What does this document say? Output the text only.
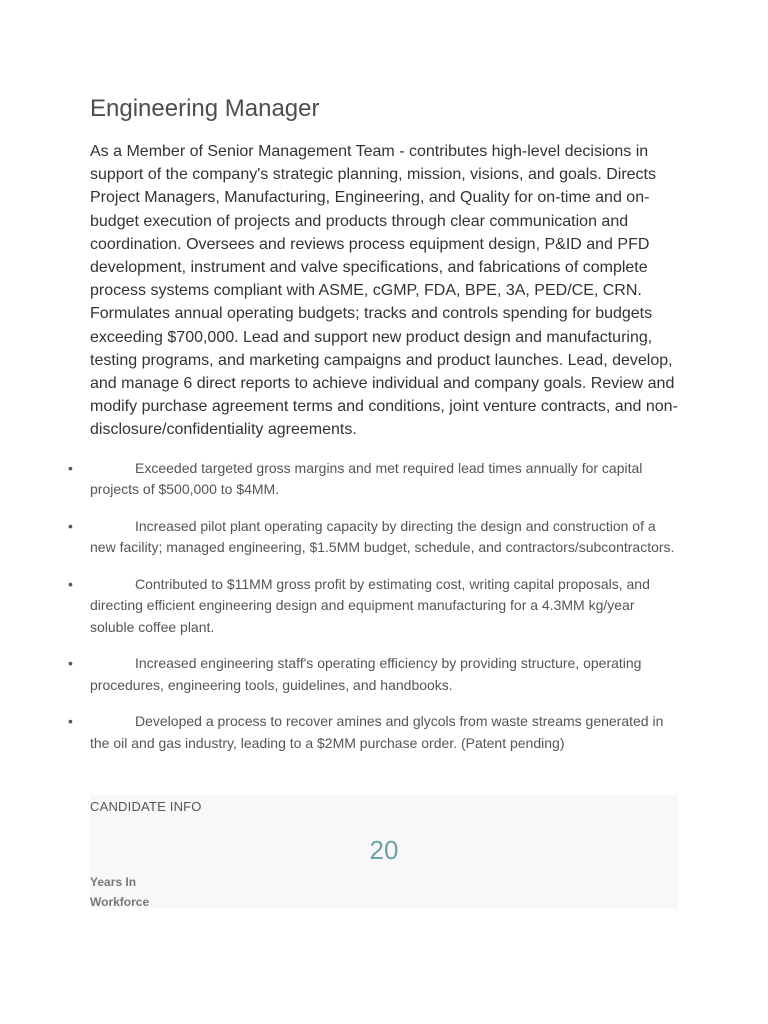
Engineering Manager

As a Member of Senior Management Team - contributes high-level decisions in support of the company's strategic planning, mission, visions, and goals. Directs Project Managers, Manufacturing, Engineering, and Quality for on-time and on-budget execution of projects and products through clear communication and coordination. Oversees and reviews process equipment design, P&ID and PFD development, instrument and valve specifications, and fabrications of complete process systems compliant with ASME, cGMP, FDA, BPE, 3A, PED/CE, CRN. Formulates annual operating budgets; tracks and controls spending for budgets exceeding $700,000. Lead and support new product design and manufacturing, testing programs, and marketing campaigns and product launches. Lead, develop, and manage 6 direct reports to achieve individual and company goals. Review and modify purchase agreement terms and conditions, joint venture contracts, and non-disclosure/confidentiality agreements.

•	Exceeded targeted gross margins and met required lead times annually for capital projects of $500,000 to $4MM.
•	Increased pilot plant operating capacity by directing the design and construction of a new facility; managed engineering, $1.5MM budget, schedule, and contractors/subcontractors.
•	Contributed to $11MM gross profit by estimating cost, writing capital proposals, and directing efficient engineering design and equipment manufacturing for a 4.3MM kg/year soluble coffee plant.
•	Increased engineering staff's operating efficiency by providing structure, operating procedures, engineering tools, guidelines, and handbooks.
•	Developed a process to recover amines and glycols from waste streams generated in the oil and gas industry, leading to a $2MM purchase order. (Patent pending)
CANDIDATE INFO
20
Years In Workforce
